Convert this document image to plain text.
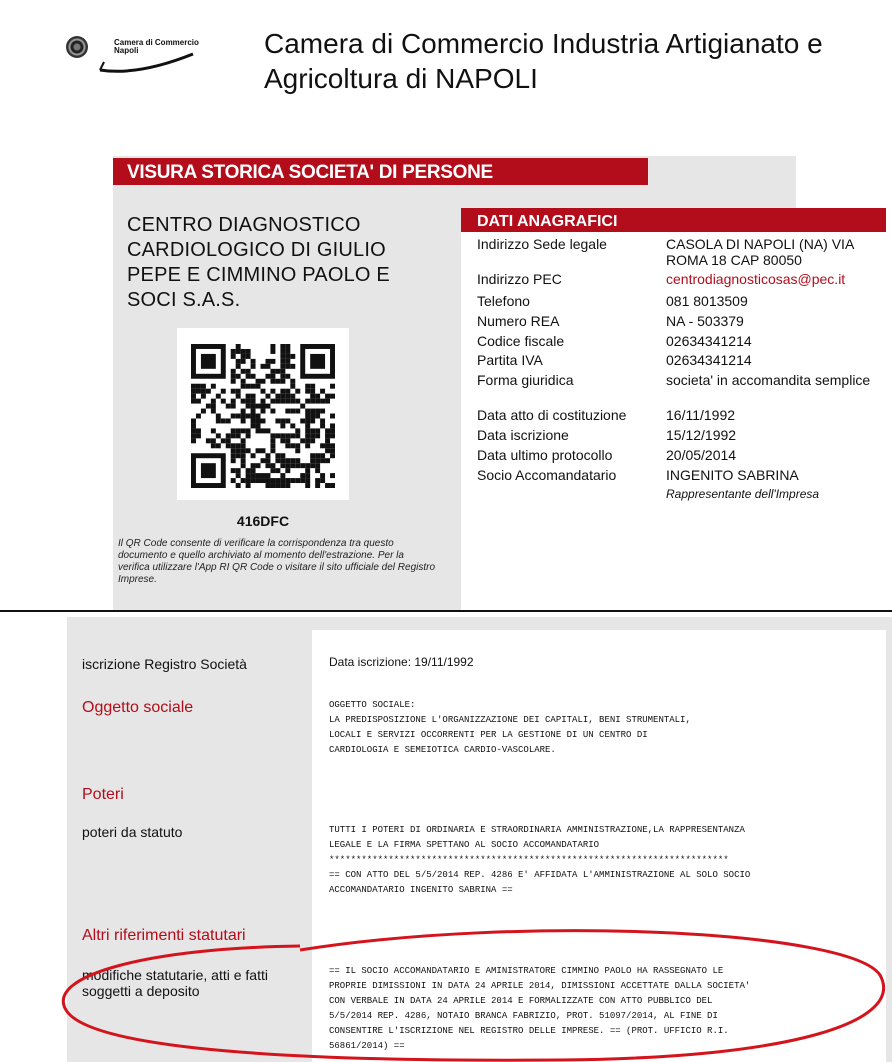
Camera di Commercio
Napoli	Camera di Commercio Industria Artigianato e
Agricoltura di NAPOLI
VISURA STORICA SOCIETA' DI PERSONE
CENTRO DIAGNOSTICO CARDIOLOGICO DI GIULIO PEPE E CIMMINO PAOLO E SOCI S.A.S.
416DFC
Il QR Code consente di verificare la corrispondenza tra questo documento e quello archiviato al momento dell'estrazione. Per la verifica utilizzare l'App RI QR Code o visitare il sito ufficiale del Registro Imprese.
DATI ANAGRAFICI
Indirizzo Sede legale	CASOLA DI NAPOLI (NA) VIA ROMA 18 CAP 80050
Indirizzo PEC	centrodiagnosticosas@pec.it
Telefono	081 8013509
Numero REA	NA - 503379
Codice fiscale	02634341214
Partita IVA	02634341214
Forma giuridica	societa' in accomandita semplice
Data atto di costituzione	16/11/1992
Data iscrizione	15/12/1992
Data ultimo protocollo	20/05/2014
Socio Accomandatario	INGENITO SABRINA
Rappresentante dell'Impresa
iscrizione Registro Società	Data iscrizione: 19/11/1992
Oggetto sociale	OGGETTO SOCIALE:
LA PREDISPOSIZIONE L'ORGANIZZAZIONE DEI CAPITALI, BENI STRUMENTALI,
LOCALI E SERVIZI OCCORRENTI PER LA GESTIONE DI UN CENTRO DI
CARDIOLOGIA E SEMEIOTICA CARDIO-VASCOLARE.
Poteri
poteri da statuto	TUTTI I POTERI DI ORDINARIA E STRAORDINARIA AMMINISTRAZIONE,LA RAPPRESENTANZA
LEGALE E LA FIRMA SPETTANO AL SOCIO ACCOMANDATARIO
**************************************************************************
== CON ATTO DEL 5/5/2014 REP. 4286 E' AFFIDATA L'AMMINISTRAZIONE AL SOLO SOCIO
ACCOMANDATARIO INGENITO SABRINA ==
Altri riferimenti statutari
modifiche statutarie, atti e fatti
soggetti a deposito
== IL SOCIO ACCOMANDATARIO E AMINISTRATORE CIMMINO PAOLO HA RASSEGNATO LE
PROPRIE DIMISSIONI IN DATA 24 APRILE 2014, DIMISSIONI ACCETTATE DALLA SOCIETA'
CON VERBALE IN DATA 24 APRILE 2014 E FORMALIZZATE CON ATTO PUBBLICO DEL
5/5/2014 REP. 4286, NOTAIO BRANCA FABRIZIO, PROT. 51097/2014, AL FINE DI
CONSENTIRE L'ISCRIZIONE NEL REGISTRO DELLE IMPRESE. == (PROT. UFFICIO R.I.
56861/2014) ==
